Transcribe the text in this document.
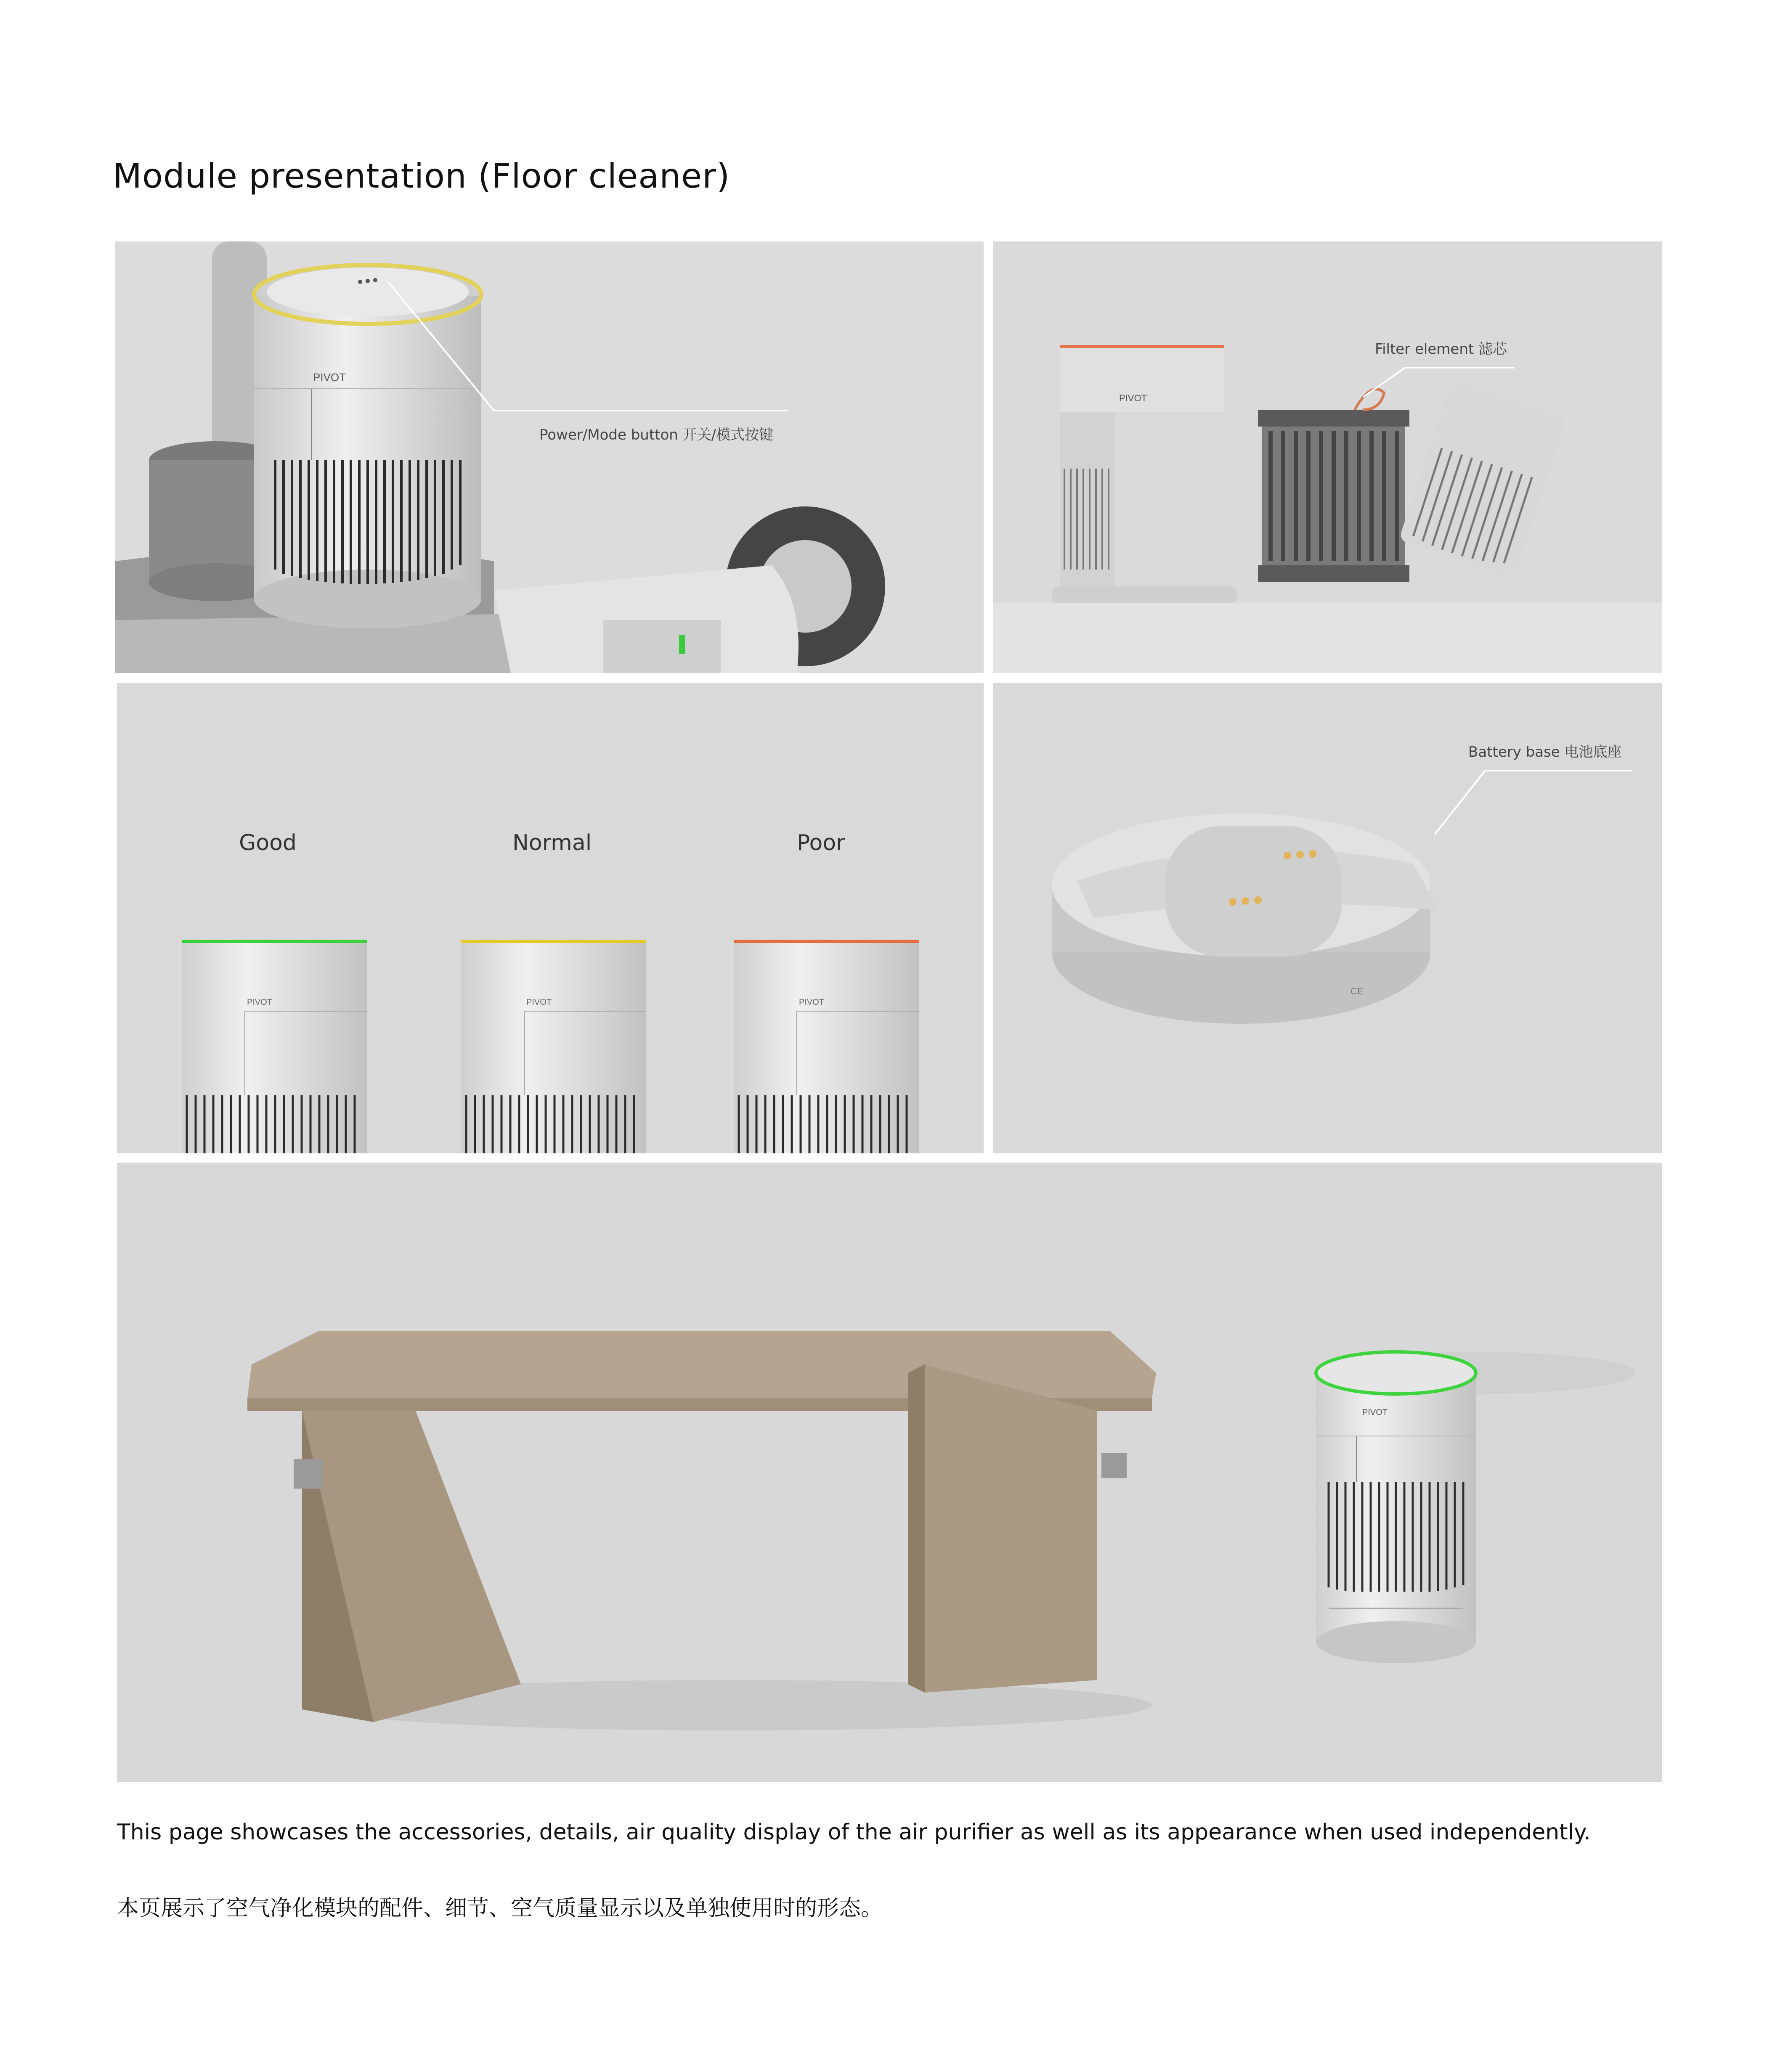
Module presentation (Floor cleaner)
PIVOT
Power/Mode button 开关/模式按键
PIVOT
Filter element 滤芯
Good	Normal	Poor
PIVOT	PIVOT	PIVOT
CE
Battery base 电池底座
PIVOT
This page showcases the accessories, details, air quality display of the air purifier as well as its appearance when used independently.
本页展示了空气净化模块的配件、细节、空气质量显示以及单独使用时的形态。
